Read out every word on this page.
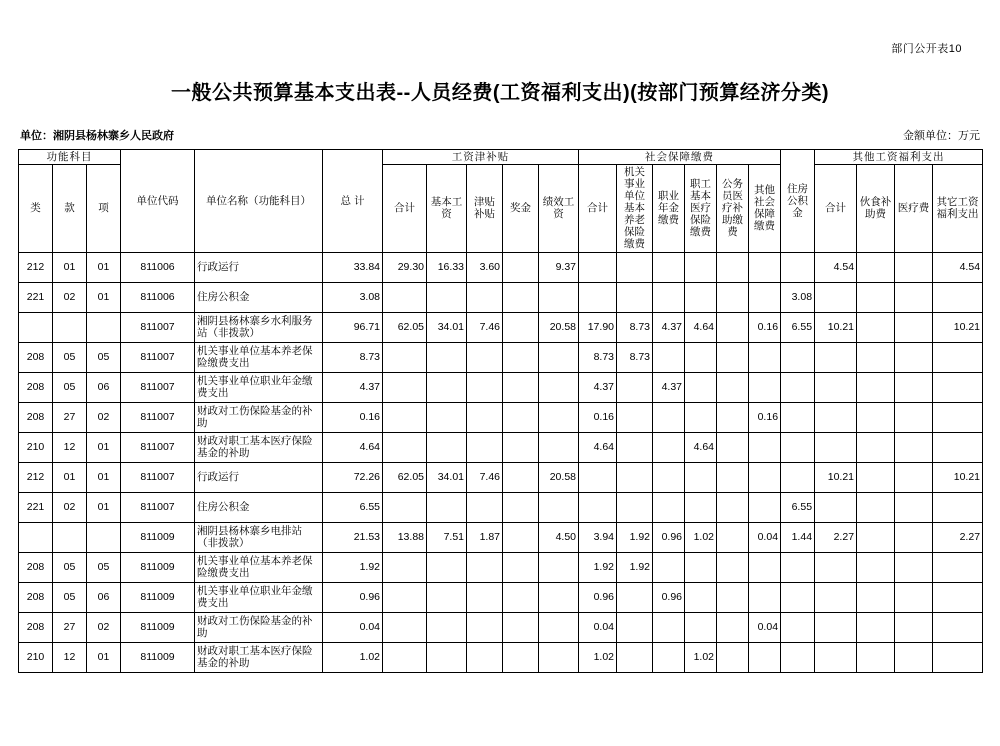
部门公开表10
一般公共预算基本支出表--人员经费(工资福利支出)(按部门预算经济分类)
单位：湘阴县杨林寨乡人民政府	金额单位：万元
功能科目			单位代码	单位名称（功能科目）	总 计	工资津补贴					社会保障缴费						住房公积金	其他工资福利支出			
类	款	项				合计	基本工资	津贴补贴	奖金	绩效工资	合计	机关事业单位基本养老保险缴费	职业年金缴费	职工基本医疗保险缴费	公务员医疗补助缴费	其他社会保障缴费		合计	伙食补助费	医疗费	其它工资福利支出
212	01	01	811006	行政运行	33.84	29.30	16.33	3.60		9.37								4.54			4.54
221	02	01	811006	住房公积金	3.08												3.08				
			811007	湘阴县杨林寨乡水利服务站（非拨款）	96.71	62.05	34.01	7.46		20.58	17.90	8.73	4.37	4.64		0.16	6.55	10.21			10.21
208	05	05	811007	机关事业单位基本养老保险缴费支出	8.73						8.73	8.73									
208	05	06	811007	机关事业单位职业年金缴费支出	4.37						4.37		4.37								
208	27	02	811007	财政对工伤保险基金的补助	0.16						0.16					0.16					
210	12	01	811007	财政对职工基本医疗保险基金的补助	4.64						4.64			4.64							
212	01	01	811007	行政运行	72.26	62.05	34.01	7.46		20.58								10.21			10.21
221	02	01	811007	住房公积金	6.55												6.55				
			811009	湘阴县杨林寨乡电排站（非拨款）	21.53	13.88	7.51	1.87		4.50	3.94	1.92	0.96	1.02		0.04	1.44	2.27			2.27
208	05	05	811009	机关事业单位基本养老保险缴费支出	1.92						1.92	1.92									
208	05	06	811009	机关事业单位职业年金缴费支出	0.96						0.96		0.96								
208	27	02	811009	财政对工伤保险基金的补助	0.04						0.04					0.04					
210	12	01	811009	财政对职工基本医疗保险基金的补助	1.02						1.02			1.02							
